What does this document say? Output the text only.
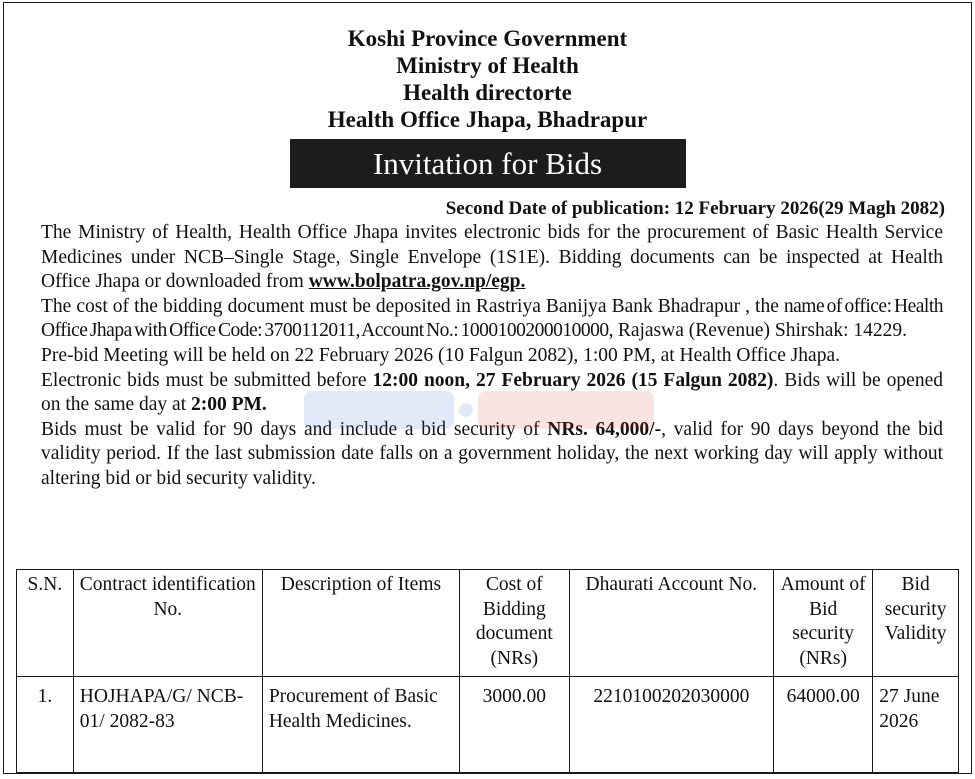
Koshi Province Government
Ministry of Health
Health directorte
Health Office Jhapa, Bhadrapur
Invitation for Bids
Second Date of publication: 12 February 2026(29 Magh 2082)

The Ministry of Health, Health Office Jhapa invites electronic bids for the procurement of Basic Health Service Medicines under NCB–Single Stage, Single Envelope (1S1E). Bidding documents can be inspected at Health Office Jhapa or downloaded from www.bolpatra.gov.np/egp.

The cost of the bidding document must be deposited in Rastriya Banijya Bank Bhadrapur , the name of office: Health Office Jhapa with Office Code: 3700112011, Account No.: 1000100200010000, Rajaswa (Revenue) Shirshak: 14229.

Pre-bid Meeting will be held on 22 February 2026 (10 Falgun 2082), 1:00 PM, at Health Office Jhapa.

Electronic bids must be submitted before 12:00 noon, 27 February 2026 (15 Falgun 2082). Bids will be opened on the same day at 2:00 PM.

Bids must be valid for 90 days and include a bid security of NRs. 64,000/-, valid for 90 days beyond the bid validity period. If the last submission date falls on a government holiday, the next working day will apply without altering bid or bid security validity.

S.N.	Contract identification No.	Description of Items	Cost of Bidding document (NRs)	Dhaurati Account No.	Amount of Bid security (NRs)	Bid security Validity
1.	HOJHAPA/G/ NCB- 01/ 2082-83	Procurement of Basic Health Medicines.	3000.00	2210100202030000	64000.00	27 June 2026
